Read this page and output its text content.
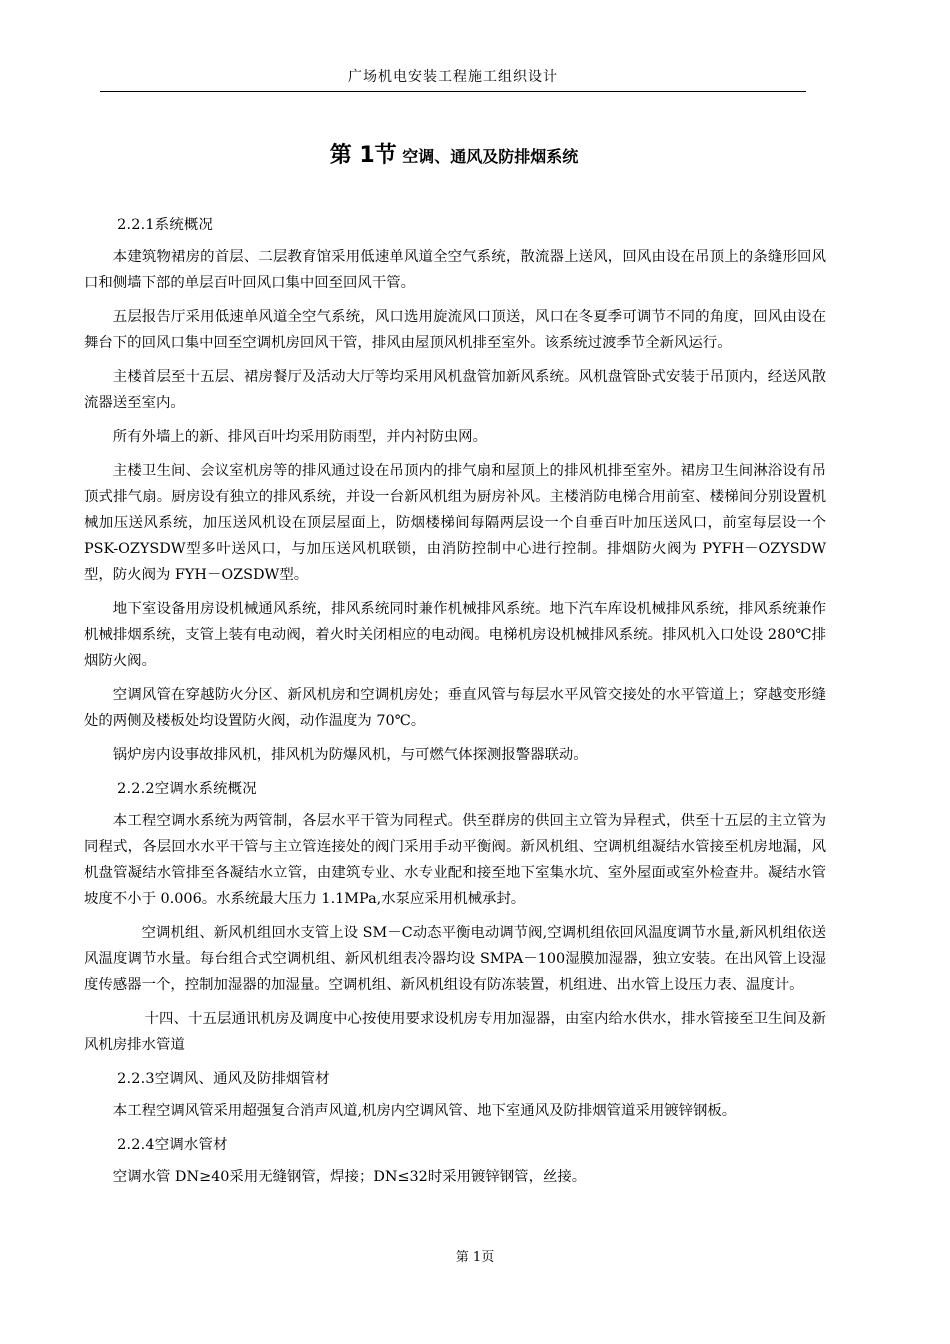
广场机电安装工程施工组织设计
第 1节 空调、通风及防排烟系统

2.2.1系统概况

本建筑物裙房的首层、二层教育馆采用低速单风道全空气系统，散流器上送风，回风由设在吊顶上的条缝形回风口和侧墙下部的单层百叶回风口集中回至回风干管。

五层报告厅采用低速单风道全空气系统，风口选用旋流风口顶送，风口在冬夏季可调节不同的角度，回风由设在舞台下的回风口集中回至空调机房回风干管，排风由屋顶风机排至室外。该系统过渡季节全新风运行。

主楼首层至十五层、裙房餐厅及活动大厅等均采用风机盘管加新风系统。风机盘管卧式安装于吊顶内，经送风散流器送至室内。

所有外墙上的新、排风百叶均采用防雨型，并内衬防虫网。

主楼卫生间、会议室机房等的排风通过设在吊顶内的排气扇和屋顶上的排风机排至室外。裙房卫生间淋浴设有吊顶式排气扇。厨房设有独立的排风系统，并设一台新风机组为厨房补风。主楼消防电梯合用前室、楼梯间分别设置机械加压送风系统，加压送风机设在顶层屋面上，防烟楼梯间每隔两层设一个自垂百叶加压送风口，前室每层设一个 PSK-OZYSDW型多叶送风口，与加压送风机联锁，由消防控制中心进行控制。排烟防火阀为 PYFH－OZYSDW型，防火阀为 FYH－OZSDW型。

地下室设备用房设机械通风系统，排风系统同时兼作机械排风系统。地下汽车库设机械排风系统，排风系统兼作机械排烟系统，支管上装有电动阀，着火时关闭相应的电动阀。电梯机房设机械排风系统。排风机入口处设 280℃排烟防火阀。

空调风管在穿越防火分区、新风机房和空调机房处；垂直风管与每层水平风管交接处的水平管道上；穿越变形缝处的两侧及楼板处均设置防火阀，动作温度为 70℃。

锅炉房内设事故排风机，排风机为防爆风机，与可燃气体探测报警器联动。

2.2.2空调水系统概况

本工程空调水系统为两管制，各层水平干管为同程式。供至群房的供回主立管为异程式，供至十五层的主立管为同程式，各层回水水平干管与主立管连接处的阀门采用手动平衡阀。新风机组、空调机组凝结水管接至机房地漏，风机盘管凝结水管排至各凝结水立管，由建筑专业、水专业配和接至地下室集水坑、室外屋面或室外检查井。凝结水管坡度不小于 0.006。水系统最大压力 1.1MPa,水泵应采用机械承封。

空调机组、新风机组回水支管上设 SM－C动态平衡电动调节阀,空调机组依回风温度调节水量,新风机组依送风温度调节水量。每台组合式空调机组、新风机组表冷器均设 SMPA－100湿膜加湿器，独立安装。在出风管上设湿度传感器一个，控制加湿器的加湿量。空调机组、新风机组设有防冻装置，机组进、出水管上设压力表、温度计。

十四、十五层通讯机房及调度中心按使用要求设机房专用加湿器，由室内给水供水，排水管接至卫生间及新风机房排水管道

2.2.3空调风、通风及防排烟管材

本工程空调风管采用超强复合消声风道,机房内空调风管、地下室通风及防排烟管道采用镀锌钢板。

2.2.4空调水管材

空调水管 DN≥40采用无缝钢管，焊接；DN≤32时采用镀锌钢管，丝接。

第 1页
